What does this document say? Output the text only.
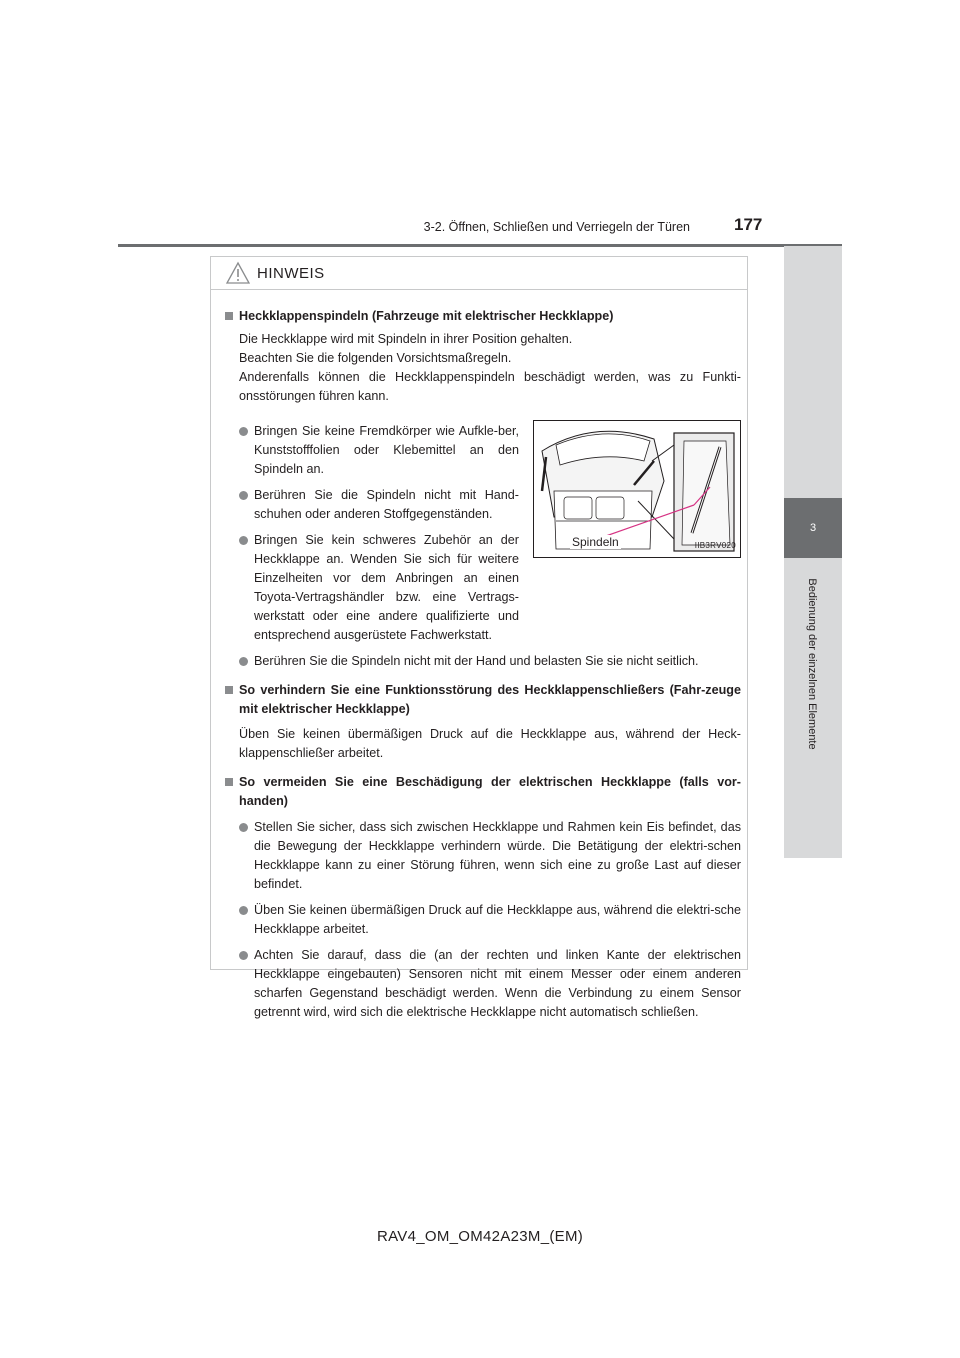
3-2. Öffnen, Schließen und Verriegeln der Türen	177
3
Bedienung der einzelnen Elemente
HINWEIS
Heckklappenspindeln (Fahrzeuge mit elektrischer Heckklappe)
Die Heckklappe wird mit Spindeln in ihrer Position gehalten.
Beachten Sie die folgenden Vorsichtsmaßregeln.
Anderenfalls können die Heckklappenspindeln beschädigt werden, was zu Funkti-onsstörungen führen kann.
Bringen Sie keine Fremdkörper wie Aufkle-ber, Kunststofffolien oder Klebemittel an den Spindeln an.
Berühren Sie die Spindeln nicht mit Hand-schuhen oder anderen Stoffgegenständen.
Bringen Sie kein schweres Zubehör an der Heckklappe an. Wenden Sie sich für weitere Einzelheiten vor dem Anbringen an einen Toyota-Vertragshändler bzw. eine Vertrags-werkstatt oder eine andere qualifizierte und entsprechend ausgerüstete Fachwerkstatt.
Spindeln	IIB3RV020
Berühren Sie die Spindeln nicht mit der Hand und belasten Sie sie nicht seitlich.
So verhindern Sie eine Funktionsstörung des Heckklappenschließers (Fahr-zeuge mit elektrischer Heckklappe)
Üben Sie keinen übermäßigen Druck auf die Heckklappe aus, während der Heck-klappenschließer arbeitet.
So vermeiden Sie eine Beschädigung der elektrischen Heckklappe (falls vor-handen)
Stellen Sie sicher, dass sich zwischen Heckklappe und Rahmen kein Eis befindet, das die Bewegung der Heckklappe verhindern würde. Die Betätigung der elektri-schen Heckklappe kann zu einer Störung führen, wenn sich eine zu große Last auf dieser befindet.
Üben Sie keinen übermäßigen Druck auf die Heckklappe aus, während die elektri-sche Heckklappe arbeitet.
Achten Sie darauf, dass die (an der rechten und linken Kante der elektrischen Heckklappe eingebauten) Sensoren nicht mit einem Messer oder einem anderen scharfen Gegenstand beschädigt werden. Wenn die Verbindung zu einem Sensor getrennt wird, wird sich die elektrische Heckklappe nicht automatisch schließen.
RAV4_OM_OM42A23M_(EM)
